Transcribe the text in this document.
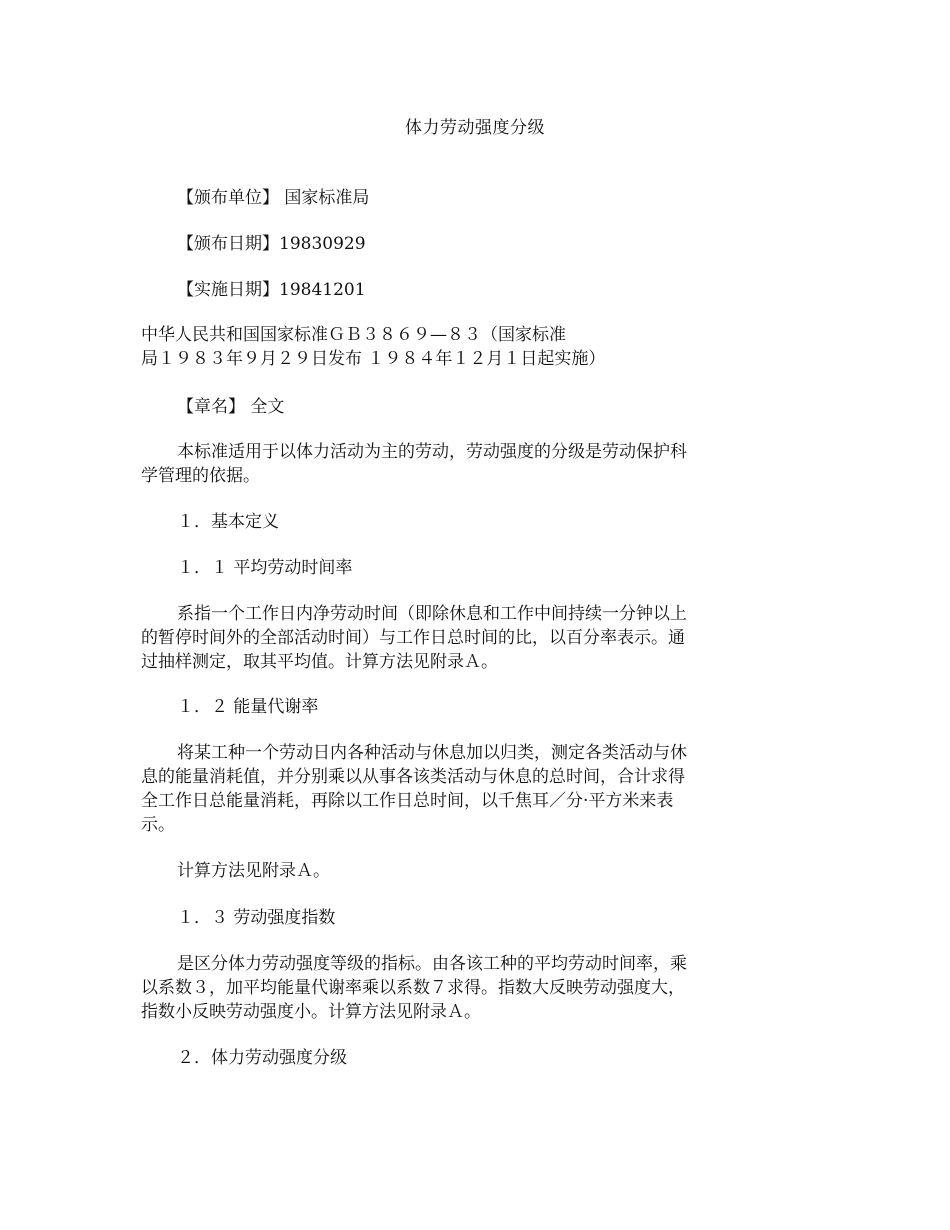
体力劳动强度分级
【颁布单位】 国家标准局
【颁布日期】19830929
【实施日期】19841201
中华人民共和国国家标准ＧＢ３８６９—８３（国家标准
局１９８３年９月２９日发布 １９８４年１２月１日起实施）
【章名】 全文
本标准适用于以体力活动为主的劳动，劳动强度的分级是劳动保护科
学管理的依据。
１．基本定义
１．１ 平均劳动时间率
系指一个工作日内净劳动时间（即除休息和工作中间持续一分钟以上
的暂停时间外的全部活动时间）与工作日总时间的比，以百分率表示。通
过抽样测定，取其平均值。计算方法见附录Ａ。
１．２ 能量代谢率
将某工种一个劳动日内各种活动与休息加以归类，测定各类活动与休
息的能量消耗值，并分别乘以从事各该类活动与休息的总时间，合计求得
全工作日总能量消耗，再除以工作日总时间，以千焦耳／分·平方米来表
示。
计算方法见附录Ａ。
１．３ 劳动强度指数
是区分体力劳动强度等级的指标。由各该工种的平均劳动时间率，乘
以系数３，加平均能量代谢率乘以系数７求得。指数大反映劳动强度大，
指数小反映劳动强度小。计算方法见附录Ａ。
２．体力劳动强度分级
